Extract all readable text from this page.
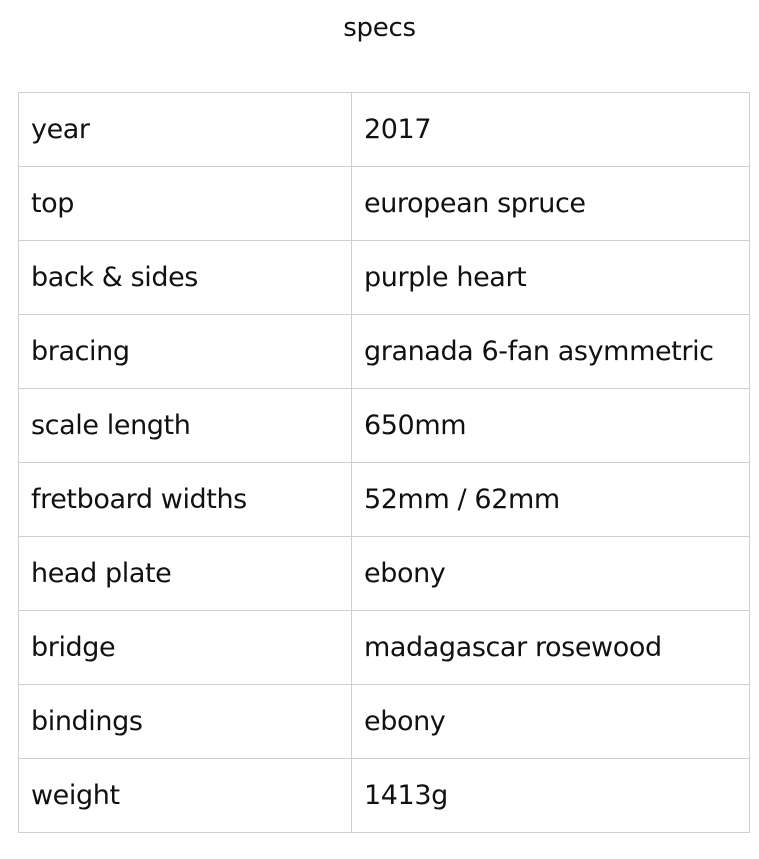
specs
year	2017
top	european spruce
back & sides	purple heart
bracing	granada 6-fan asymmetric
scale length	650mm
fretboard widths	52mm / 62mm
head plate	ebony
bridge	madagascar rosewood
bindings	ebony
weight	1413g
